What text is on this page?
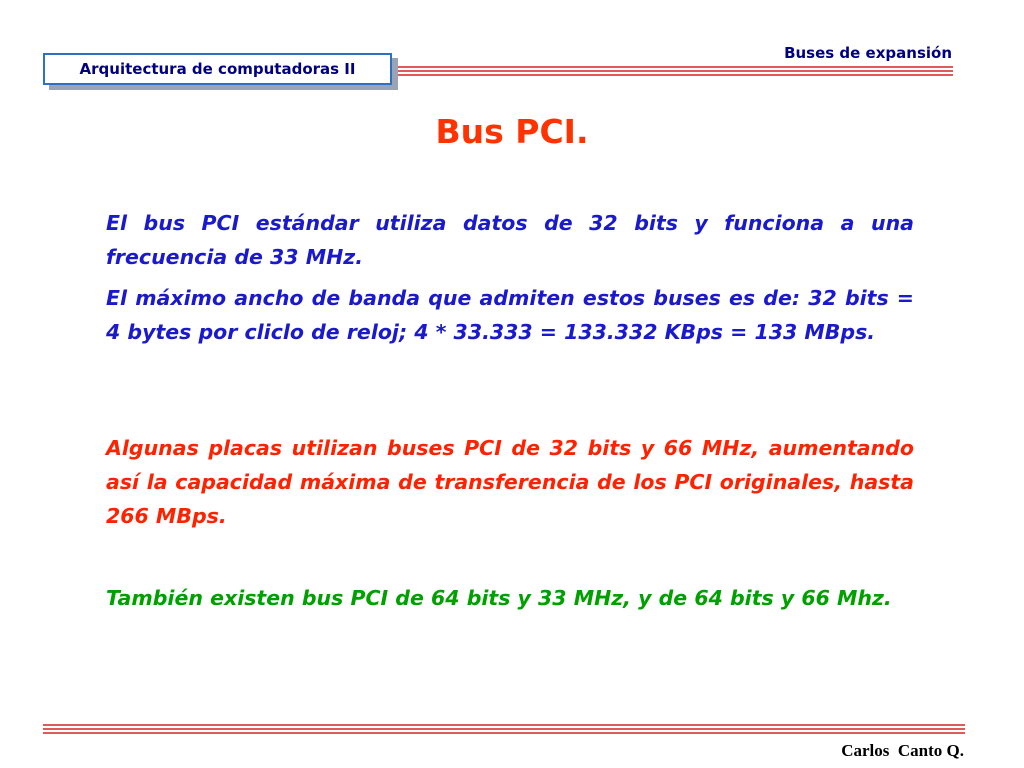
Arquitectura de computadoras II
Buses de expansión
Bus PCI.

El bus PCI estándar utiliza datos de 32 bits y funciona a una frecuencia de 33 MHz.

El máximo ancho de banda que admiten estos buses es de: 32 bits = 4 bytes por cliclo de reloj; 4 * 33.333 = 133.332 KBps = 133 MBps.

Algunas placas utilizan buses PCI de 32 bits y 66 MHz, aumentando así la capacidad máxima de transferencia de los PCI originales, hasta 266 MBps.

También existen bus PCI de 64 bits y 33 MHz, y de 64 bits y 66 Mhz.

Carlos  Canto Q.
